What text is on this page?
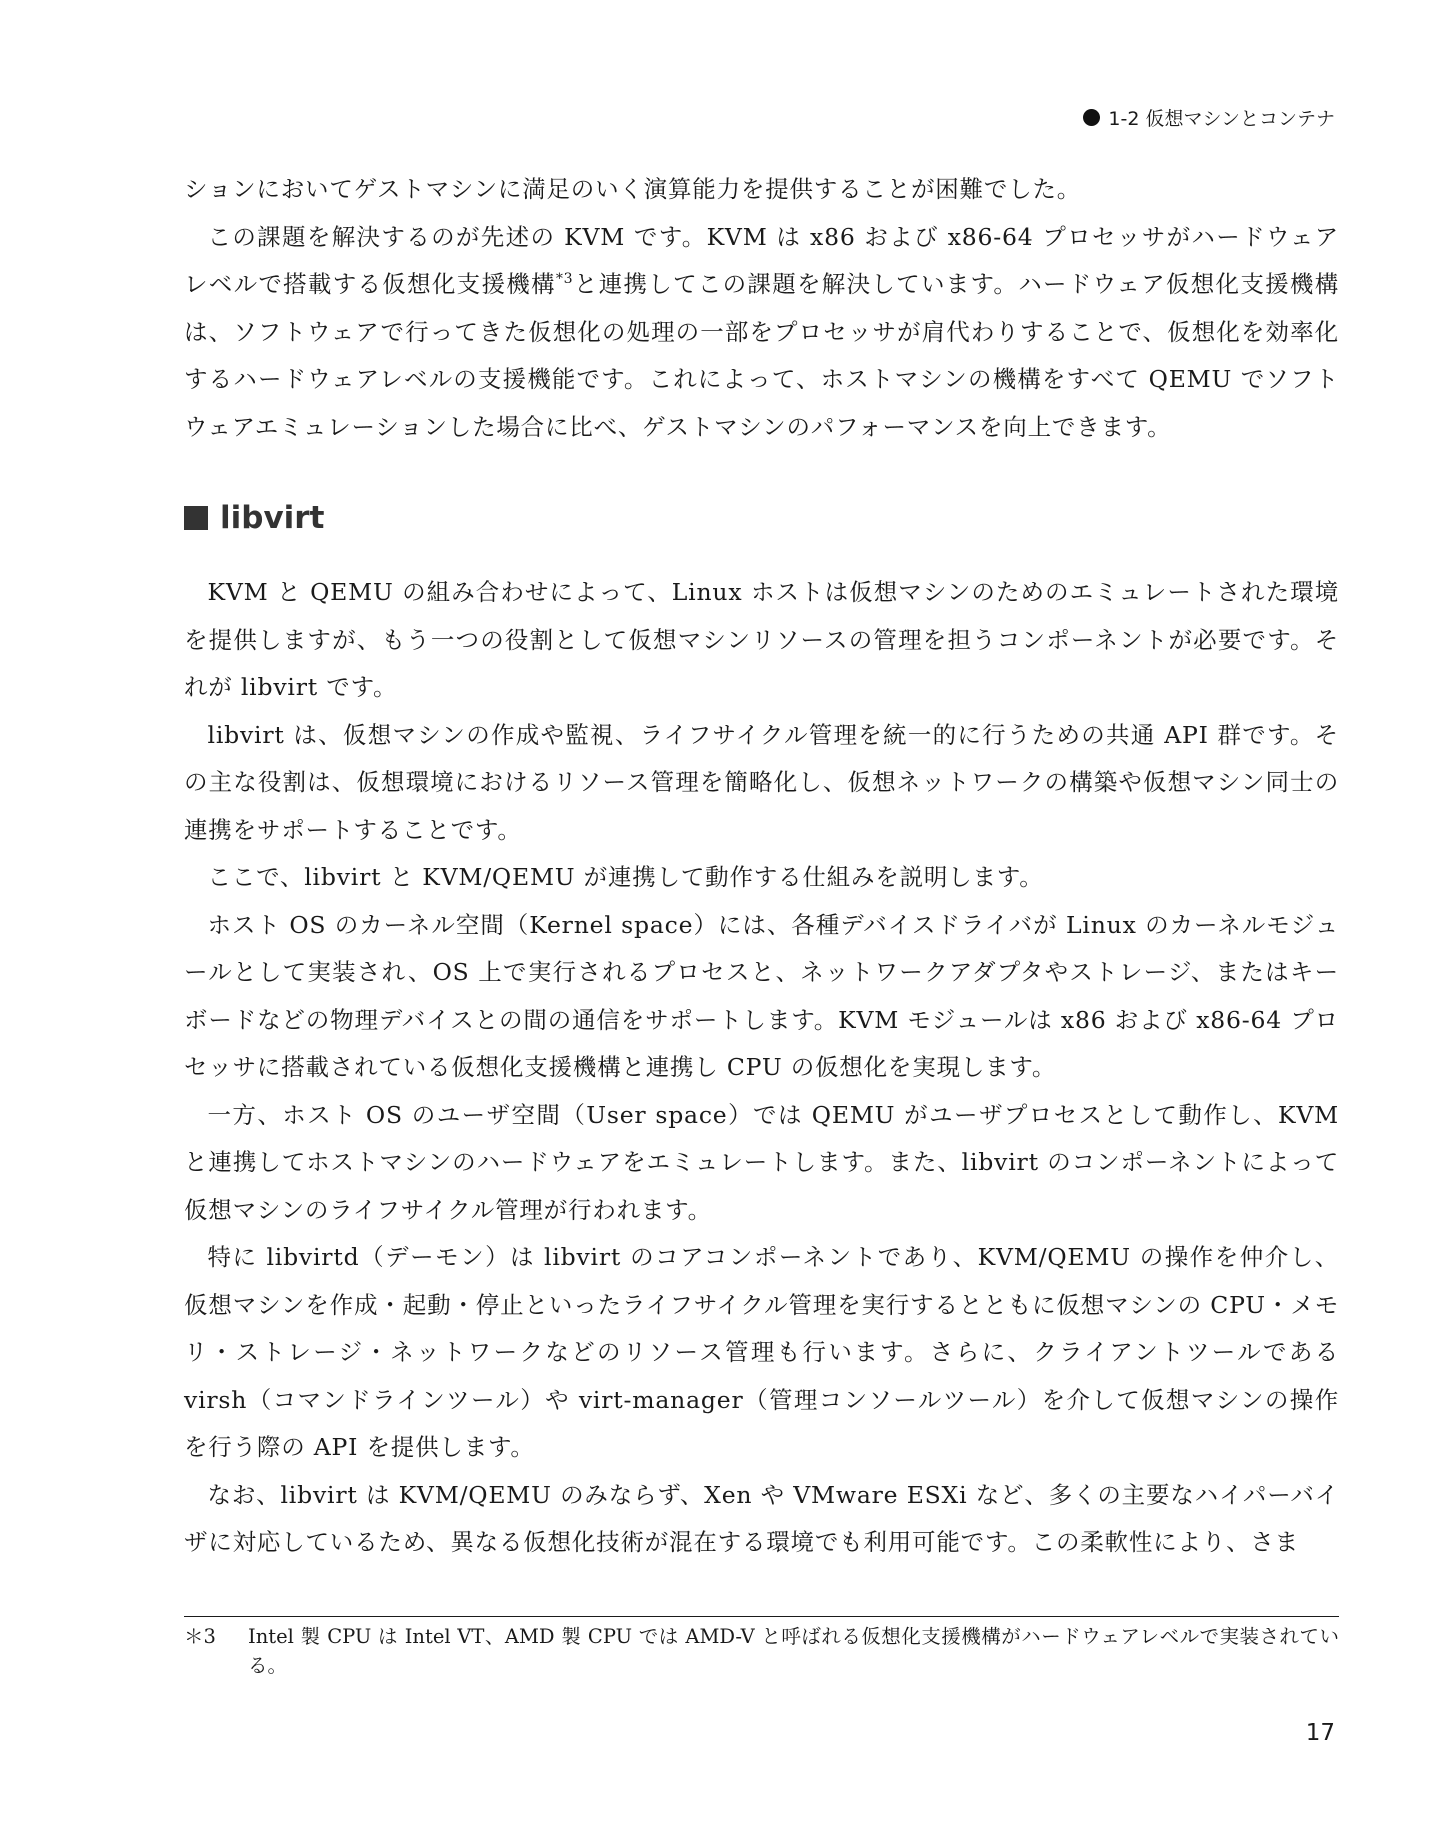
1-2 仮想マシンとコンテナ

ションにおいてゲストマシンに満足のいく演算能力を提供することが困難でした。

この課題を解決するのが先述の KVM です。KVM は x86 および x86-64 プロセッサがハードウェアレベルで搭載する仮想化支援機構$^{*3}$と連携してこの課題を解決しています。ハードウェア仮想化支援機構は、ソフトウェアで行ってきた仮想化の処理の一部をプロセッサが肩代わりすることで、仮想化を効率化するハードウェアレベルの支援機能です。これによって、ホストマシンの機構をすべて QEMU でソフトウェアエミュレーションした場合に比べ、ゲストマシンのパフォーマンスを向上できます。

libvirt

KVM と QEMU の組み合わせによって、Linux ホストは仮想マシンのためのエミュレートされた環境を提供しますが、もう一つの役割として仮想マシンリソースの管理を担うコンポーネントが必要です。それが libvirt です。

libvirt は、仮想マシンの作成や監視、ライフサイクル管理を統一的に行うための共通 API 群です。その主な役割は、仮想環境におけるリソース管理を簡略化し、仮想ネットワークの構築や仮想マシン同士の連携をサポートすることです。

ここで、libvirt と KVM/QEMU が連携して動作する仕組みを説明します。

ホスト OS のカーネル空間（Kernel space）には、各種デバイスドライバが Linux のカーネルモジュールとして実装され、OS 上で実行されるプロセスと、ネットワークアダプタやストレージ、またはキーボードなどの物理デバイスとの間の通信をサポートします。KVM モジュールは x86 および x86-64 プロセッサに搭載されている仮想化支援機構と連携し CPU の仮想化を実現します。

一方、ホスト OS のユーザ空間（User space）では QEMU がユーザプロセスとして動作し、KVM と連携してホストマシンのハードウェアをエミュレートします。また、libvirt のコンポーネントによって仮想マシンのライフサイクル管理が行われます。

特に libvirtd（デーモン）は libvirt のコアコンポーネントであり、KVM/QEMU の操作を仲介し、仮想マシンを作成・起動・停止といったライフサイクル管理を実行するとともに仮想マシンの CPU・メモリ・ストレージ・ネットワークなどのリソース管理も行います。さらに、クライアントツールである virsh（コマンドラインツール）や virt-manager（管理コンソールツール）を介して仮想マシンの操作を行う際の API を提供します。

なお、libvirt は KVM/QEMU のみならず、Xen や VMware ESXi など、多くの主要なハイパーバイザに対応しているため、異なる仮想化技術が混在する環境でも利用可能です。この柔軟性により、さま

＊3	Intel 製 CPU は Intel VT、AMD 製 CPU では AMD-V と呼ばれる仮想化支援機構がハードウェアレベルで実装されている。
17
